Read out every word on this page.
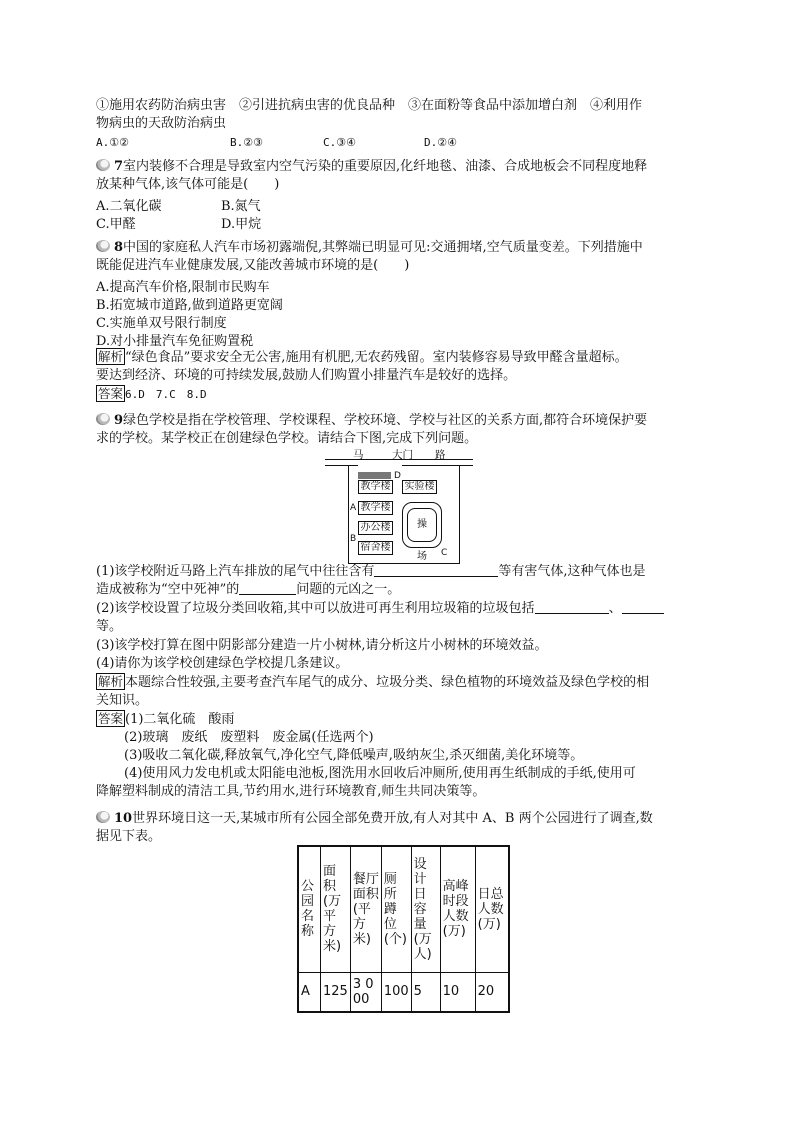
①施用农药防治病虫害　②引进抗病虫害的优良品种　③在面粉等食品中添加增白剂　④利用作
物病虫的天敌防治病虫
A.①②	B.②③	C.③④	D.②④
7室内装修不合理是导致室内空气污染的重要原因,化纤地毯、油漆、合成地板会不同程度地释
放某种气体,该气体可能是(　　)
A.二氧化碳	B.氮气
C.甲醛	D.甲烷
8中国的家庭私人汽车市场初露端倪,其弊端已明显可见:交通拥堵,空气质量变差。下列措施中
既能促进汽车业健康发展,又能改善城市环境的是(　　)
A.提高汽车价格,限制市民购车
B.拓宽城市道路,做到道路更宽阔
C.实施单双号限行制度
D.对小排量汽车免征购置税
解析 “绿色食品”要求安全无公害,施用有机肥,无农药残留。室内装修容易导致甲醛含量超标。
要达到经济、环境的可持续发展,鼓励人们购置小排量汽车是较好的选择。
答案 6.D　7.C　8.D
9绿色学校是指在学校管理、学校课程、学校环境、学校与社区的关系方面,都符合环境保护要
求的学校。某学校正在创建绿色学校。请结合下图,完成下列问题。
马	大门 路
D
教学楼 实验楼
教学楼
办公楼
宿舍楼
操　场
A
B
C
(1)该学校附近马路上汽车排放的尾气中往往含有	等有害气体,这种气体也是
造成被称为“空中死神”的	问题的元凶之一。
(2)该学校设置了垃圾分类回收箱,其中可以放进可再生利用垃圾箱的垃圾包括	、
等。
(3)该学校打算在图中阴影部分建造一片小树林,请分析这片小树林的环境效益。
(4)请你为该学校创建绿色学校提几条建议。
解析 本题综合性较强,主要考查汽车尾气的成分、垃圾分类、绿色植物的环境效益及绿色学校的相
关知识。
答案 (1)二氧化硫　酸雨
(2)玻璃　废纸　废塑料　废金属(任选两个)
(3)吸收二氧化碳,释放氧气,净化空气,降低噪声,吸纳灰尘,杀灭细菌,美化环境等。
(4)使用风力发电机或太阳能电池板,图洗用水回收后冲厕所,使用再生纸制成的手纸,使用可
降解塑料制成的清洁工具,节约用水,进行环境教育,师生共同决策等。
10世界环境日这一天,某城市所有公园全部免费开放,有人对其中 A、B 两个公园进行了调查,数
据见下表。
公园名称	面积(万平方米)	餐厅面积(平方米)	厕所蹲位(个)	设计日容量(万人)	高峰时段人数(万)	日总人数(万)

A	125	3 000	100	5	10	20
